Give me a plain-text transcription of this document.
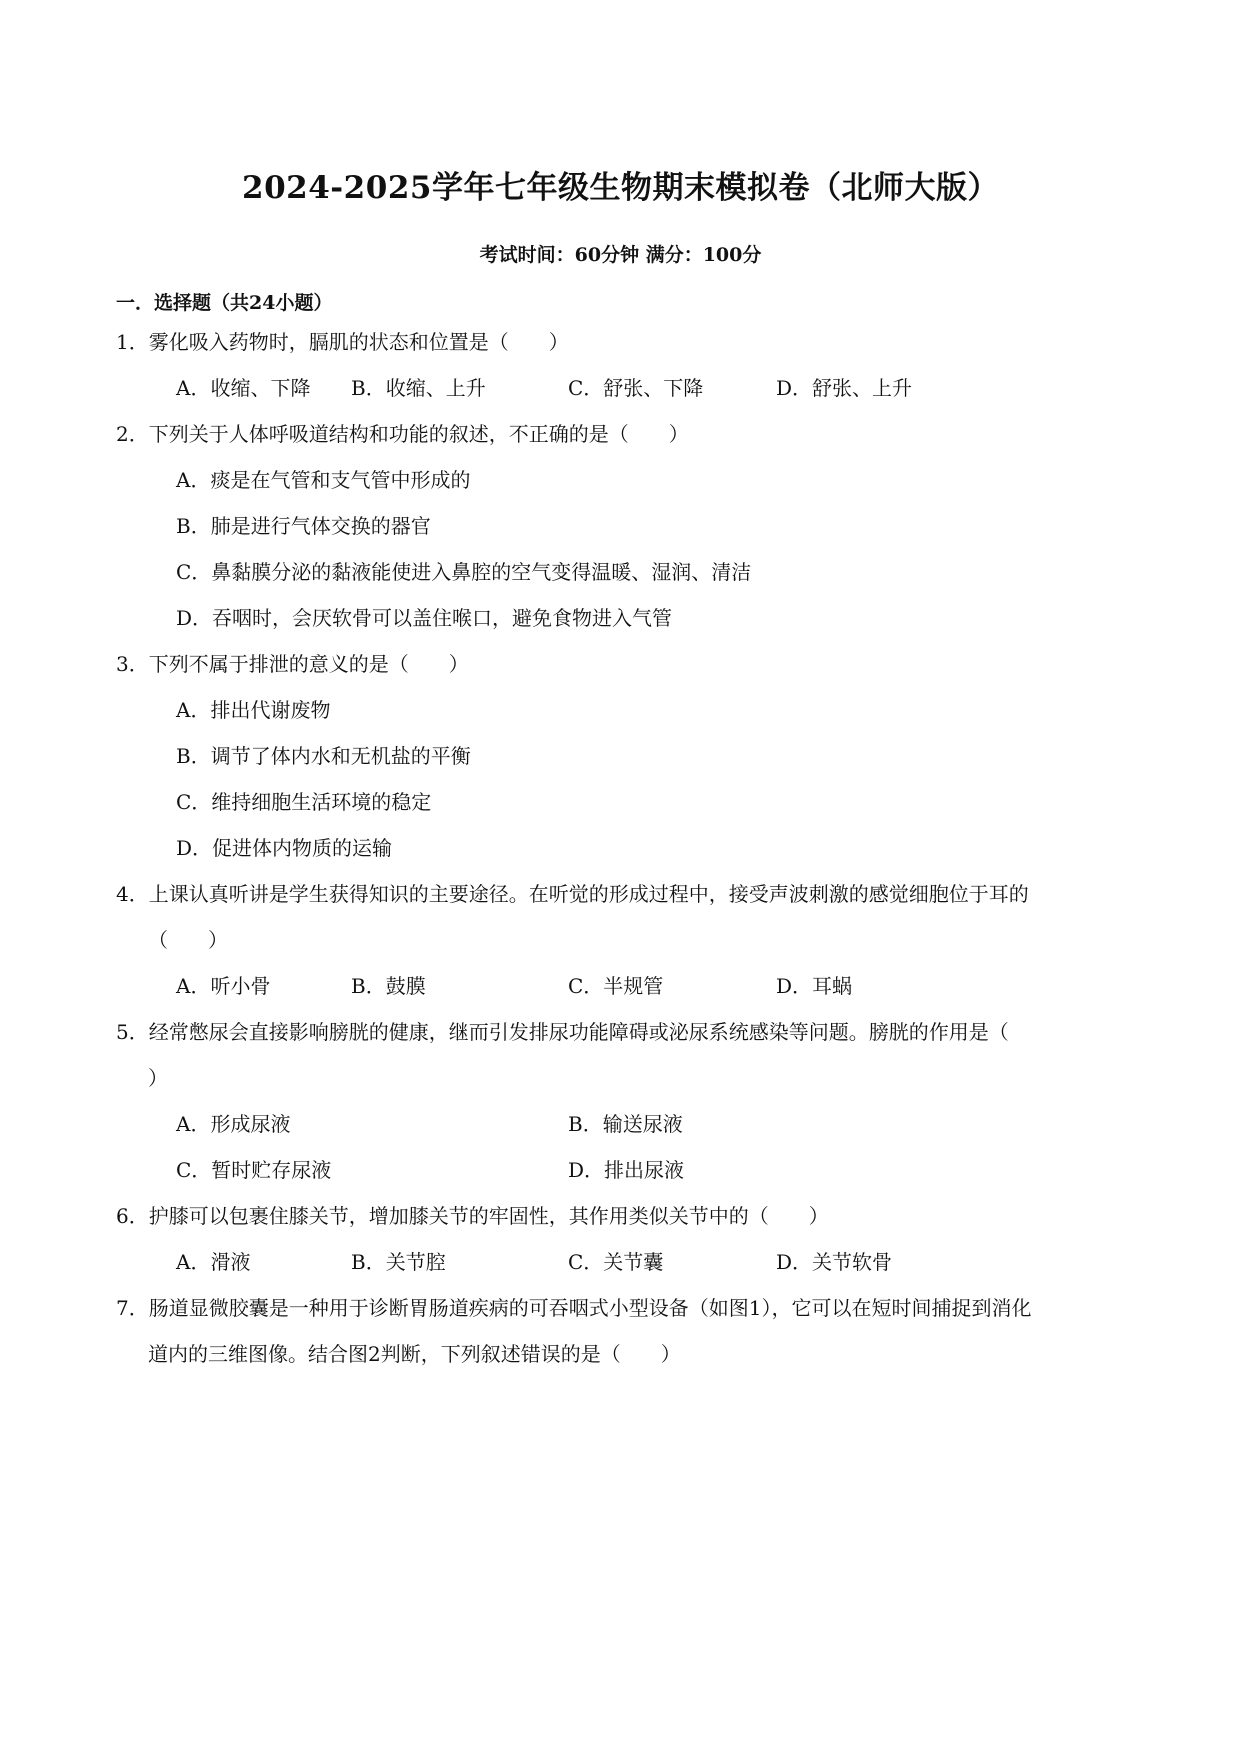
2024-2025学年七年级生物期末模拟卷（北师大版）
考试时间：60分钟 满分：100分
一．选择题（共24小题）
1．雾化吸入药物时，膈肌的状态和位置是（　　）
A．收缩、下降 B．收缩、上升	C．舒张、下降	D．舒张、上升
2．下列关于人体呼吸道结构和功能的叙述，不正确的是（　　）
A．痰是在气管和支气管中形成的
B．肺是进行气体交换的器官
C．鼻黏膜分泌的黏液能使进入鼻腔的空气变得温暖、湿润、清洁
D．吞咽时，会厌软骨可以盖住喉口，避免食物进入气管
3．下列不属于排泄的意义的是（　　）
A．排出代谢废物
B．调节了体内水和无机盐的平衡
C．维持细胞生活环境的稳定
D．促进体内物质的运输
4．上课认真听讲是学生获得知识的主要途径。在听觉的形成过程中，接受声波刺激的感觉细胞位于耳的
（　　）
A．听小骨	B．鼓膜	C．半规管	D．耳蜗
5．经常憋尿会直接影响膀胱的健康，继而引发排尿功能障碍或泌尿系统感染等问题。膀胱的作用是（
）
A．形成尿液	B．输送尿液
C．暂时贮存尿液	D．排出尿液
6．护膝可以包裹住膝关节，增加膝关节的牢固性，其作用类似关节中的（　　）
A．滑液	B．关节腔	C．关节囊	D．关节软骨
7．肠道显微胶囊是一种用于诊断胃肠道疾病的可吞咽式小型设备（如图1），它可以在短时间捕捉到消化
道内的三维图像。结合图2判断，下列叙述错误的是（　　）
